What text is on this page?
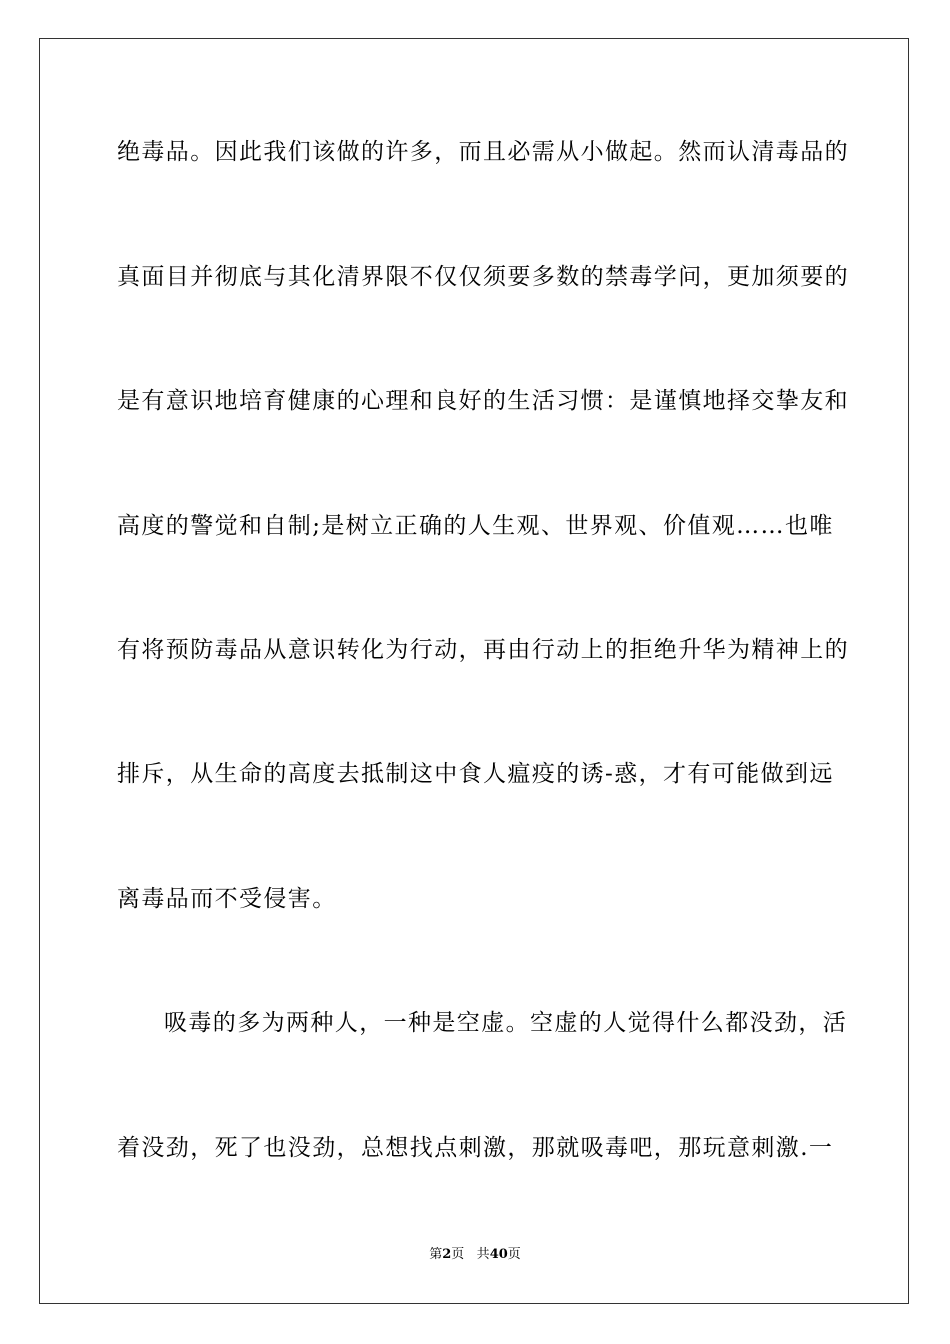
绝毒品。因此我们该做的许多，而且必需从小做起。然而认清毒品的
真面目并彻底与其化清界限不仅仅须要多数的禁毒学问，更加须要的
是有意识地培育健康的心理和良好的生活习惯：是谨慎地择交挚友和
高度的警觉和自制;是树立正确的人生观、世界观、价值观……也唯
有将预防毒品从意识转化为行动，再由行动上的拒绝升华为精神上的
排斥，从生命的高度去抵制这中食人瘟疫的诱-惑，才有可能做到远
离毒品而不受侵害。
吸毒的多为两种人，一种是空虚。空虚的人觉得什么都没劲，活
着没劲，死了也没劲，总想找点刺激，那就吸毒吧，那玩意刺激.一
第2页 共40页
